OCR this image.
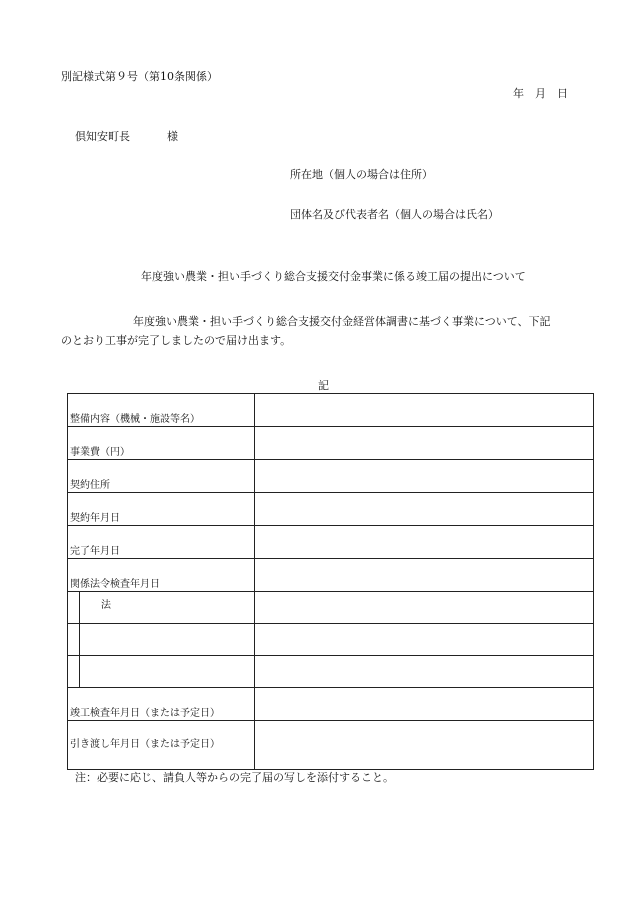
別記様式第９号（第10条関係）
年　月　日
倶知安町長	様
所在地（個人の場合は住所）
団体名及び代表者名（個人の場合は氏名）
年度強い農業・担い手づくり総合支援交付金事業に係る竣工届の提出について
年度強い農業・担い手づくり総合支援交付金経営体調書に基づく事業について、下記
のとおり工事が完了しましたので届け出ます。
記
整備内容（機械・施設等名）	
事業費（円）	
契約住所	
契約年月日	
完了年月日	
関係法令検査年月日	

法	

竣工検査年月日（または予定日）	
引き渡し年月日（または予定日）	
注：必要に応じ、請負人等からの完了届の写しを添付すること。
